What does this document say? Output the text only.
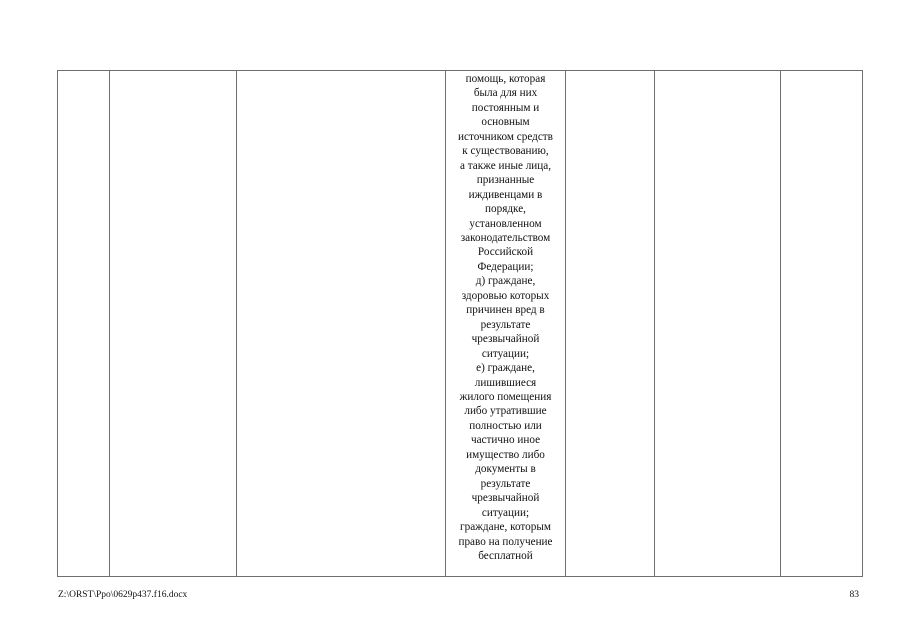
помощь, которая
была для них
постоянным и
основным
источником средств
к существованию,
а также иные лица,
признанные
иждивенцами в
порядке,
установленном
законодательством
Российской
Федерации;
д) граждане,
здоровью которых
причинен вред в
результате
чрезвычайной
ситуации;
е) граждане,
лишившиеся
жилого помещения
либо утратившие
полностью или
частично иное
имущество либо
документы в
результате
чрезвычайной
ситуации;
граждане, которым
право на получение
бесплатной

Z:\ORST\Ppo\0629p437.f16.docx	83
